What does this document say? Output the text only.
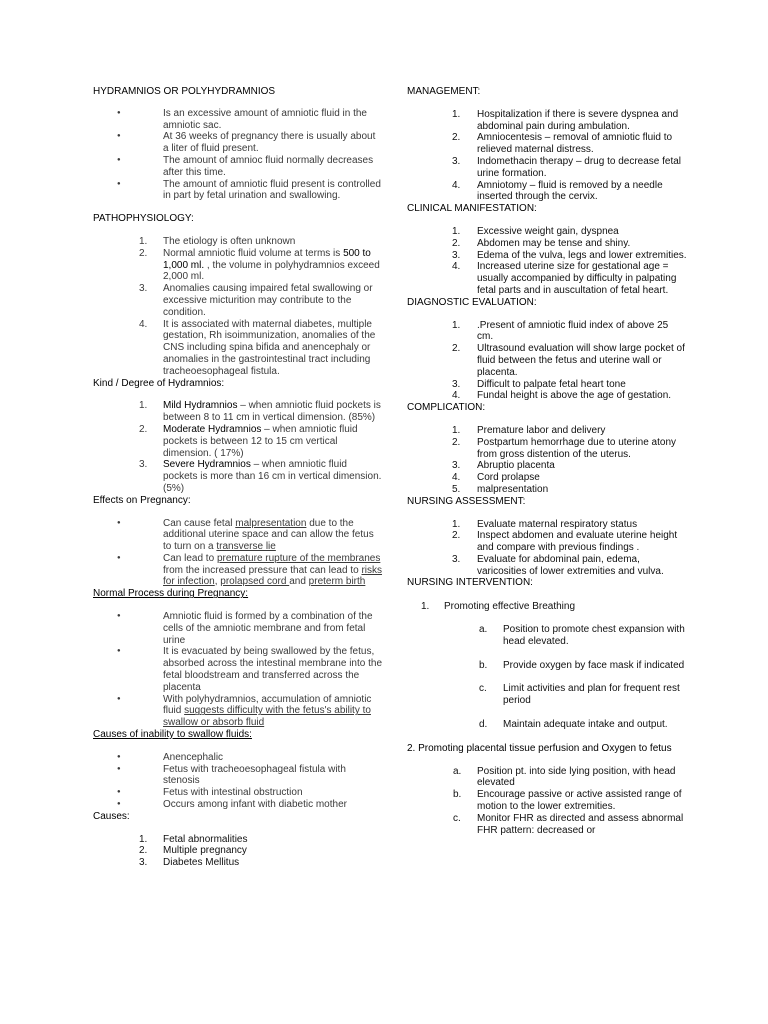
HYDRAMNIOS OR POLYHYDRAMNIOS

● Is an excessive amount of amniotic fluid in the amniotic sac.
● At 36 weeks of pregnancy there is usually about a liter of fluid present.
● The amount of amnioc fluid normally decreases after this time.
● The amount of amniotic fluid present is controlled in part by fetal urination and swallowing.

PATHOPHYSIOLOGY:

1. The etiology is often unknown
2. Normal amniotic fluid volume at terms is 500 to 1,000 ml. , the volume in polyhydramnios exceed 2,000 ml.
3. Anomalies causing impaired fetal swallowing or excessive micturition may contribute to the condition.
4. It is associated with maternal diabetes, multiple gestation, Rh isoimmunization, anomalies of the CNS including spina bifida and anencephaly or anomalies in the gastrointestinal tract including tracheoesophageal fistula.

Kind / Degree of Hydramnios:

1. Mild Hydramnios – when amniotic fluid pockets is between 8 to 11 cm in vertical dimension. (85%)
2. Moderate Hydramnios – when amniotic fluid pockets is between 12 to 15 cm vertical dimension. ( 17%)
3. Severe Hydramnios – when amniotic fluid pockets is more than 16 cm in vertical dimension. (5%)

Effects on Pregnancy:

● Can cause fetal malpresentation due to the additional uterine space and can allow the fetus to turn on a transverse lie
● Can lead to premature rupture of the membranes from the increased pressure that can lead to risks for infection, prolapsed cord and preterm birth

Normal Process during Pregnancy:

● Amniotic fluid is formed by a combination of the cells of the amniotic membrane and from fetal urine
● It is evacuated by being swallowed by the fetus, absorbed across the intestinal membrane into the fetal bloodstream and transferred across the placenta
● With polyhydramnios, accumulation of amniotic fluid suggests difficulty with the fetus's ability to swallow or absorb fluid

Causes of inability to swallow fluids:

● Anencephalic
● Fetus with tracheoesophageal fistula with stenosis
● Fetus with intestinal obstruction
● Occurs among infant with diabetic mother

Causes:

1. Fetal abnormalities
2. Multiple pregnancy
3. Diabetes Mellitus

MANAGEMENT:

1. Hospitalization if there is severe dyspnea and abdominal pain during ambulation.
2. Amniocentesis – removal of amniotic fluid to relieved maternal distress.
3. Indomethacin therapy – drug to decrease fetal urine formation.
4. Amniotomy – fluid is removed by a needle inserted through the cervix.

CLINICAL MANIFESTATION:

1. Excessive weight gain, dyspnea
2. Abdomen may be tense and shiny.
3. Edema of the vulva, legs and lower extremities.
4. Increased uterine size for gestational age = usually accompanied by difficulty in palpating fetal parts and in auscultation of fetal heart.

DIAGNOSTIC EVALUATION:

1. .Present of amniotic fluid index of above 25 cm.
2. Ultrasound evaluation will show large pocket of fluid between the fetus and uterine wall or placenta.
3. Difficult to palpate fetal heart tone
4. Fundal height is above the age of gestation.

COMPLICATION:

1. Premature labor and delivery
2. Postpartum hemorrhage due to uterine atony from gross distention of the uterus.
3. Abruptio placenta
4. Cord prolapse
5. malpresentation

NURSING ASSESSMENT:

1. Evaluate maternal respiratory status
2. Inspect abdomen and evaluate uterine height and compare with previous findings .
3. Evaluate for abdominal pain, edema, varicosities of lower extremities and vulva.

NURSING INTERVENTION:

1. Promoting effective Breathing
a. Position to promote chest expansion with head elevated.
b. Provide oxygen by face mask if indicated
c. Limit activities and plan for frequent rest period
d. Maintain adequate intake and output.

2. Promoting placental tissue perfusion and Oxygen to fetus

a. Position pt. into side lying position, with head elevated
b. Encourage passive or active assisted range of motion to the lower extremities.
c. Monitor FHR as directed and assess abnormal FHR pattern: decreased or
